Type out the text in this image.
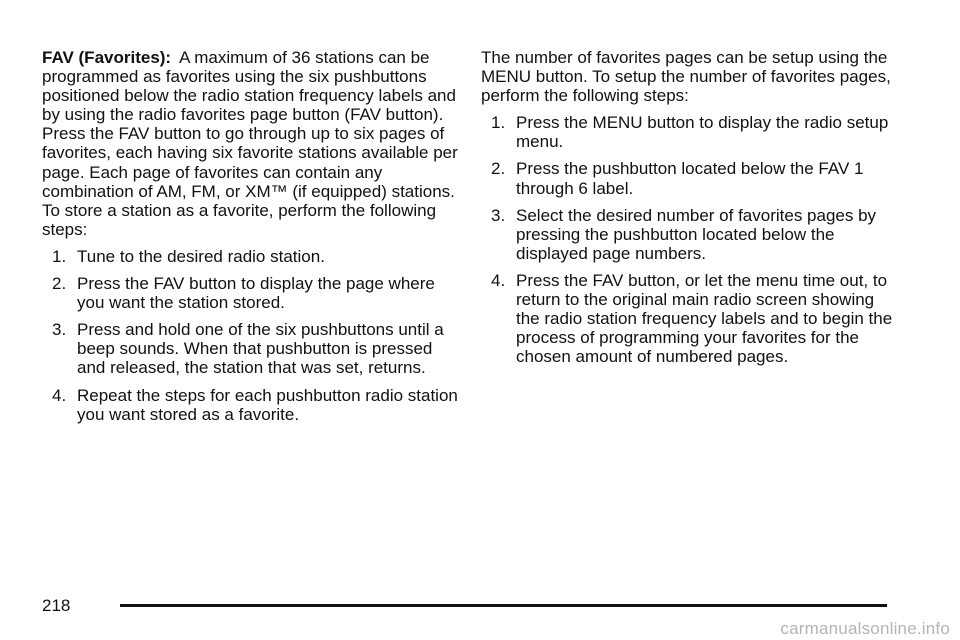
FAV (Favorites): A maximum of 36 stations can be programmed as favorites using the six pushbuttons positioned below the radio station frequency labels and by using the radio favorites page button (FAV button). Press the FAV button to go through up to six pages of favorites, each having six favorite stations available per page. Each page of favorites can contain any combination of AM, FM, or XM™ (if equipped) stations. To store a station as a favorite, perform the following steps:

1. Tune to the desired radio station.
2. Press the FAV button to display the page where you want the station stored.
3. Press and hold one of the six pushbuttons until a beep sounds. When that pushbutton is pressed and released, the station that was set, returns.
4. Repeat the steps for each pushbutton radio station you want stored as a favorite.

The number of favorites pages can be setup using the MENU button. To setup the number of favorites pages, perform the following steps:

1. Press the MENU button to display the radio setup menu.
2. Press the pushbutton located below the FAV 1 through 6 label.
3. Select the desired number of favorites pages by pressing the pushbutton located below the displayed page numbers.
4. Press the FAV button, or let the menu time out, to return to the original main radio screen showing the radio station frequency labels and to begin the process of programming your favorites for the chosen amount of numbered pages.
218
carmanualsonline.info
